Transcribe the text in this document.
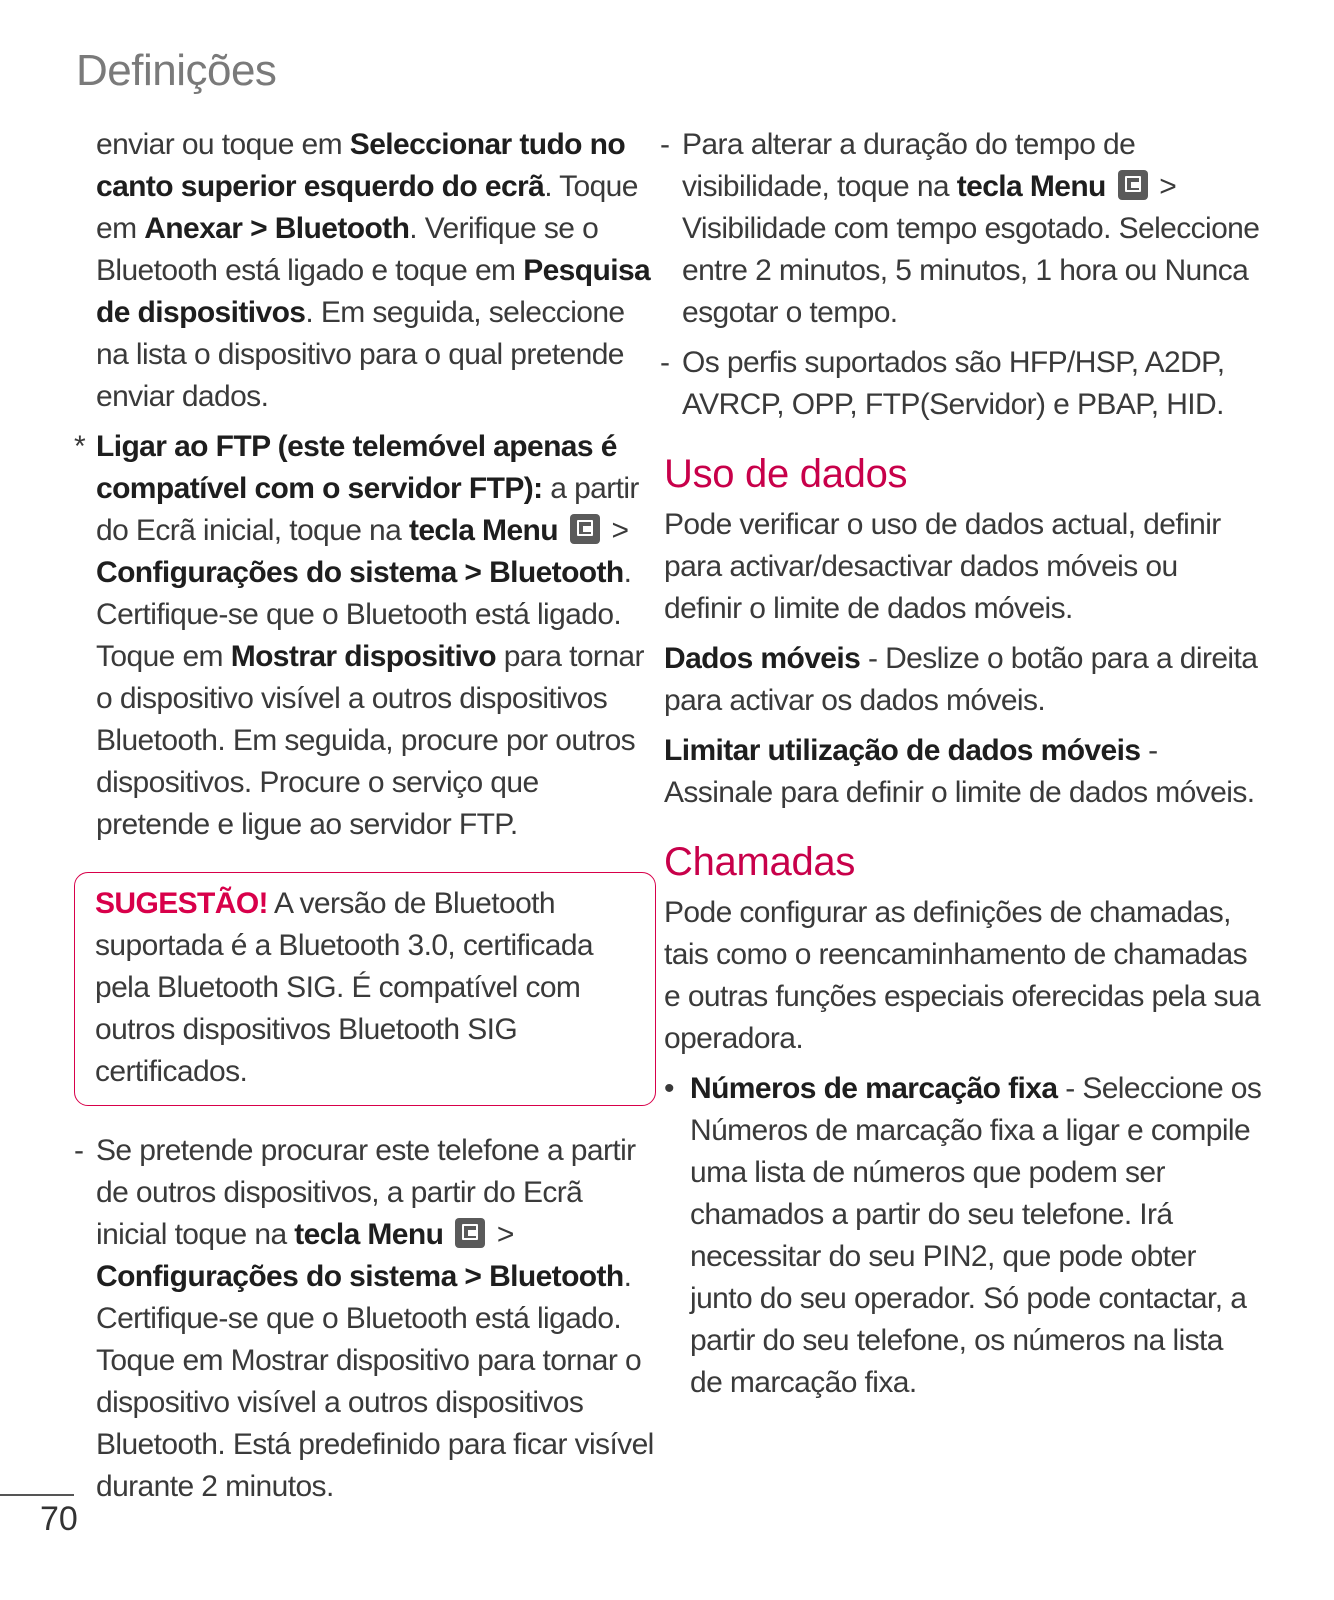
Definições

enviar ou toque em Seleccionar tudo no canto superior esquerdo do ecrã. Toque em Anexar > Bluetooth. Verifique se o Bluetooth está ligado e toque em Pesquisa de dispositivos. Em seguida, seleccione na lista o dispositivo para o qual pretende enviar dados.

* Ligar ao FTP (este telemóvel apenas é compatível com o servidor FTP): a partir do Ecrã inicial, toque na tecla Menu  > Configurações do sistema > Bluetooth. Certifique-se que o Bluetooth está ligado. Toque em Mostrar dispositivo para tornar o dispositivo visível a outros dispositivos Bluetooth. Em seguida, procure por outros dispositivos. Procure o serviço que pretende e ligue ao servidor FTP.

SUGESTÃO! A versão de Bluetooth suportada é a Bluetooth 3.0, certificada pela Bluetooth SIG. É compatível com outros dispositivos Bluetooth SIG certificados.

- Se pretende procurar este telefone a partir de outros dispositivos, a partir do Ecrã inicial toque na tecla Menu  > Configurações do sistema > Bluetooth. Certifique-se que o Bluetooth está ligado. Toque em Mostrar dispositivo para tornar o dispositivo visível a outros dispositivos Bluetooth. Está predefinido para ficar visível durante 2 minutos.

- Para alterar a duração do tempo de visibilidade, toque na tecla Menu  > Visibilidade com tempo esgotado. Seleccione entre 2 minutos, 5 minutos, 1 hora ou Nunca esgotar o tempo.

- Os perfis suportados são HFP/HSP, A2DP, AVRCP, OPP, FTP(Servidor) e PBAP, HID.

Uso de dados

Pode verificar o uso de dados actual, definir para activar/desactivar dados móveis ou definir o limite de dados móveis.

Dados móveis - Deslize o botão para a direita para activar os dados móveis.

Limitar utilização de dados móveis - Assinale para definir o limite de dados móveis.

Chamadas

Pode configurar as definições de chamadas, tais como o reencaminhamento de chamadas e outras funções especiais oferecidas pela sua operadora.

• Números de marcação fixa - Seleccione os Números de marcação fixa a ligar e compile uma lista de números que podem ser chamados a partir do seu telefone. Irá necessitar do seu PIN2, que pode obter junto do seu operador. Só pode contactar, a partir do seu telefone, os números na lista de marcação fixa.

70
